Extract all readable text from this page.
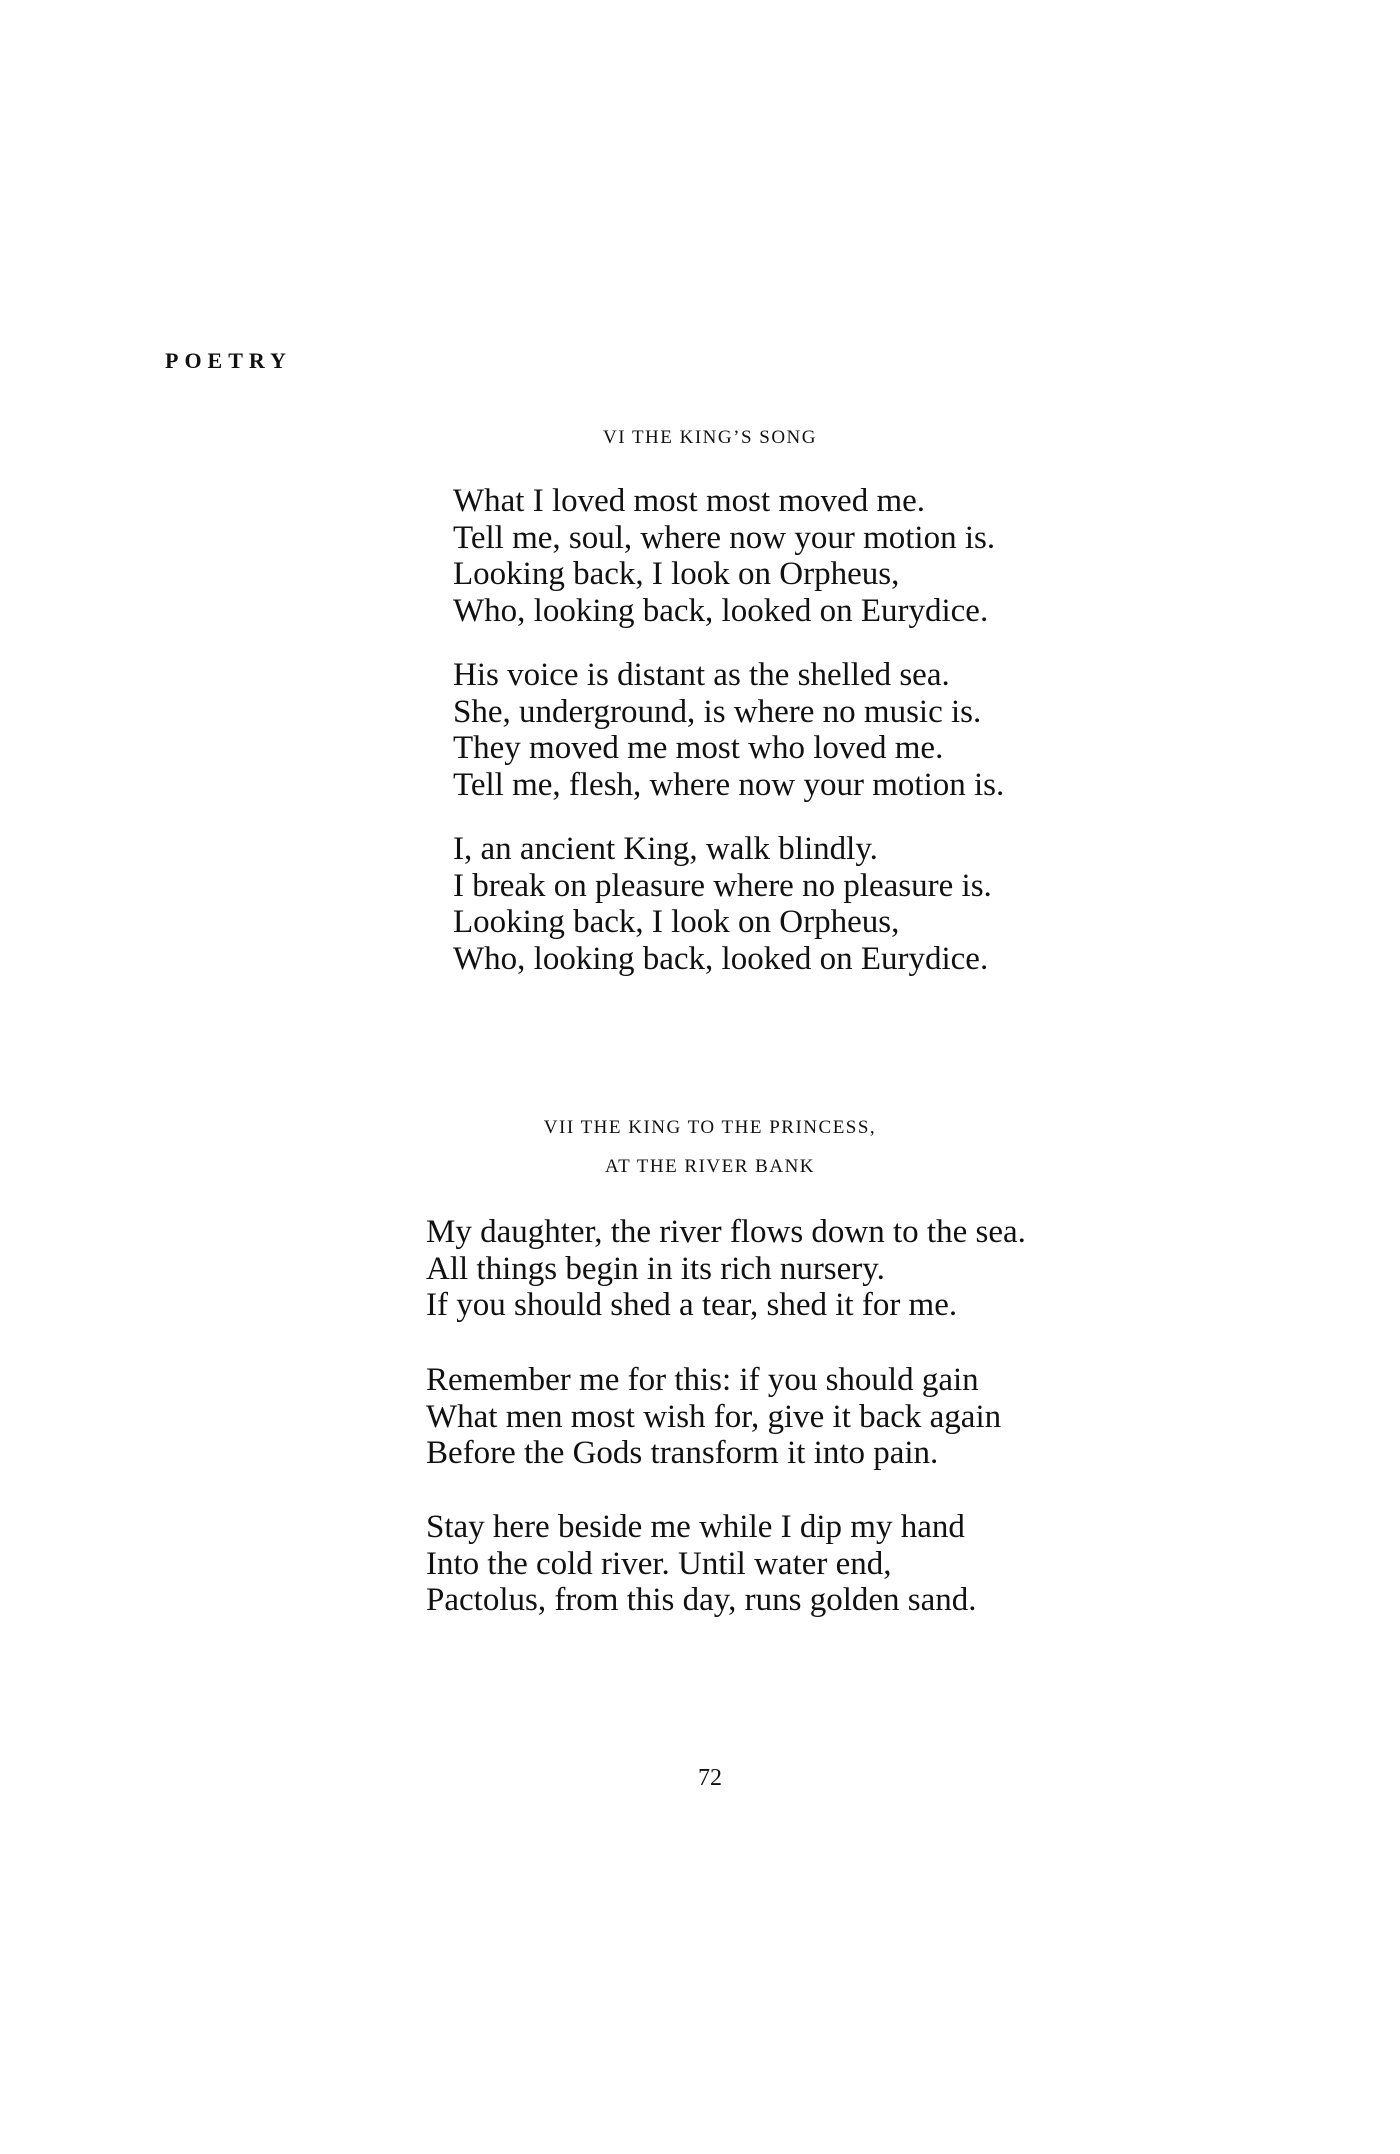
POETRY
VI THE KING’S SONG
What I loved most most moved me.
Tell me, soul, where now your motion is.
Looking back, I look on Orpheus,
Who, looking back, looked on Eurydice.
His voice is distant as the shelled sea.
She, underground, is where no music is.
They moved me most who loved me.
Tell me, flesh, where now your motion is.
I, an ancient King, walk blindly.
I break on pleasure where no pleasure is.
Looking back, I look on Orpheus,
Who, looking back, looked on Eurydice.
VII THE KING TO THE PRINCESS,
AT THE RIVER BANK
My daughter, the river flows down to the sea.
All things begin in its rich nursery.
If you should shed a tear, shed it for me.
Remember me for this: if you should gain
What men most wish for, give it back again
Before the Gods transform it into pain.
Stay here beside me while I dip my hand
Into the cold river. Until water end,
Pactolus, from this day, runs golden sand.
72
